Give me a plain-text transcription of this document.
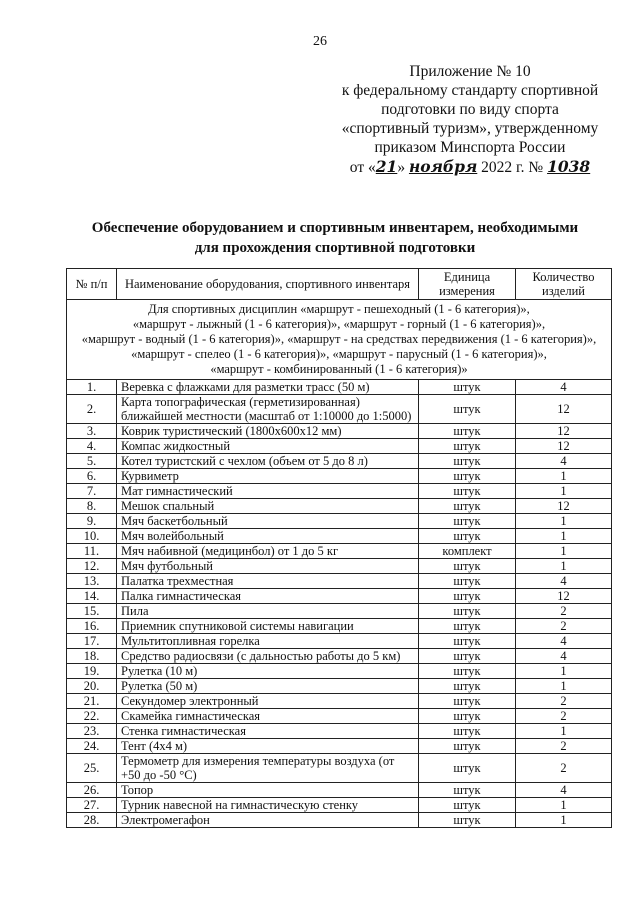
26
Приложение № 10
к федеральному стандарту спортивной
подготовки по виду спорта
«спортивный туризм», утвержденному
приказом Минспорта России
от «21» ноября 2022 г. № 1038
Обеспечение оборудованием и спортивным инвентарем, необходимыми
для прохождения спортивной подготовки
№ п/п	Наименование оборудования, спортивного инвентаря	Единица измерения	Количество изделий

Для спортивных дисциплин «маршрут - пешеходный (1 - 6 категория)»,
«маршрут - лыжный (1 - 6 категория)», «маршрут - горный (1 - 6 категория)»,
«маршрут - водный (1 - 6 категория)», «маршрут - на средствах передвижения (1 - 6 категория)»,
«маршрут - спелео (1 - 6 категория)», «маршрут - парусный (1 - 6 категория)»,
«маршрут - комбинированный (1 - 6 категория)»			

1.	Веревка с флажками для разметки трасс (50 м)	штук	4
2.	Карта топографическая (герметизированная) ближайшей местности (масштаб от 1:10000 до 1:5000)	штук	12
3.	Коврик туристический (1800x600x12 мм)	штук	12
4.	Компас жидкостный	штук	12
5.	Котел туристский с чехлом (объем от 5 до 8 л)	штук	4
6.	Курвиметр	штук	1
7.	Мат гимнастический	штук	1
8.	Мешок спальный	штук	12
9.	Мяч баскетбольный	штук	1
10.	Мяч волейбольный	штук	1
11.	Мяч набивной (медицинбол) от 1 до 5 кг	комплект	1
12.	Мяч футбольный	штук	1
13.	Палатка трехместная	штук	4
14.	Палка гимнастическая	штук	12
15.	Пила	штук	2
16.	Приемник спутниковой системы навигации	штук	2
17.	Мультитопливная горелка	штук	4
18.	Средство радиосвязи (с дальностью работы до 5 км)	штук	4
19.	Рулетка (10 м)	штук	1
20.	Рулетка (50 м)	штук	1
21.	Секундомер электронный	штук	2
22.	Скамейка гимнастическая	штук	2
23.	Стенка гимнастическая	штук	1
24.	Тент (4x4 м)	штук	2
25.	Термометр для измерения температуры воздуха (от +50 до -50 °C)	штук	2
26.	Топор	штук	4
27.	Турник навесной на гимнастическую стенку	штук	1
28.	Электромегафон	штук	1
